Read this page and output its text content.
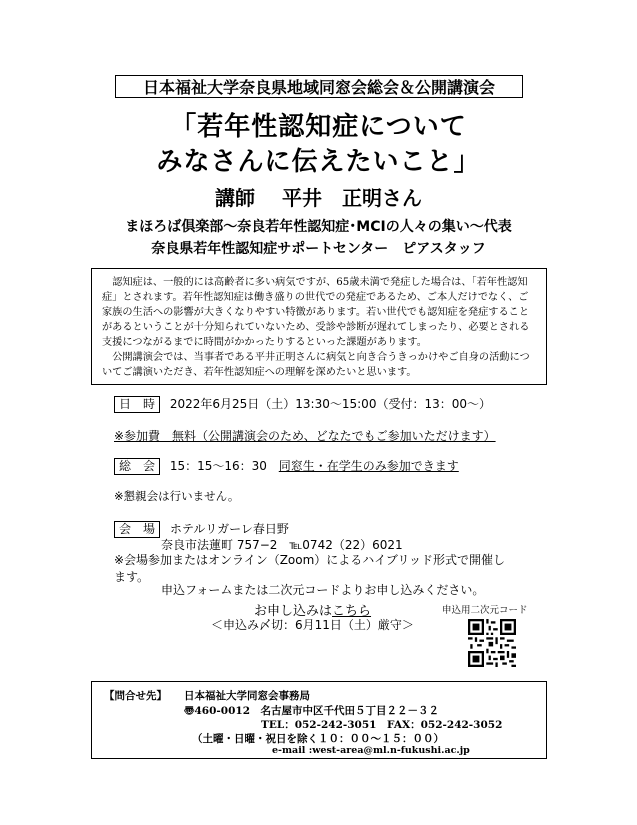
日本福祉大学奈良県地域同窓会総会＆公開講演会
「若年性認知症について
みなさんに伝えたいこと」
講師　 平井　正明さん
まほろば倶楽部～奈良若年性認知症･MCIの人々の集い～代表
奈良県若年性認知症サポートセンター　ピアスタッフ

認知症は、一般的には高齢者に多い病気ですが、65歳未満で発症した場合は、「若年性認知症」とされます。若年性認知症は働き盛りの世代での発症であるため、ご本人だけでなく、ご家族の生活への影響が大きくなりやすい特徴があります。若い世代でも認知症を発症することがあるということが十分知られていないため、受診や診断が遅れてしまったり、必要とされる支援につながるまでに時間がかかったりするといった課題があります。

公開講演会では、当事者である平井正明さんに病気と向き合うきっかけやご自身の活動についてご講演いただき、若年性認知症への理解を深めたいと思います。

日　時 2022年6月25日（土）13:30～15:00（受付：13：00～）
※参加費　無料（公開講演会のため、どなたでもご参加いただけます）
総　会 15：15～16：30 同窓生・在学生のみ参加できます
※懇親会は行いません。
会　場 ホテルリガーレ春日野
奈良市法蓮町 757−2　℡0742（22）6021
※会場参加またはオンライン（Zoom）によるハイブリッド形式で開催し
ます。
申込フォームまたは二次元コードよりお申し込みください。
お申し込みはこちら	申込用二次元コード
＜申込み〆切：6月11日（土）厳守＞
【問合せ先】 日本福祉大学同窓会事務局
〠460-0012　名古屋市中区千代田５丁目２２－３２
TEL：052-242-3051　FAX：052-242-3052
（土曜・日曜・祝日を除く１０：００～１５：００）
e-mail :west-area@ml.n-fukushi.ac.jp
